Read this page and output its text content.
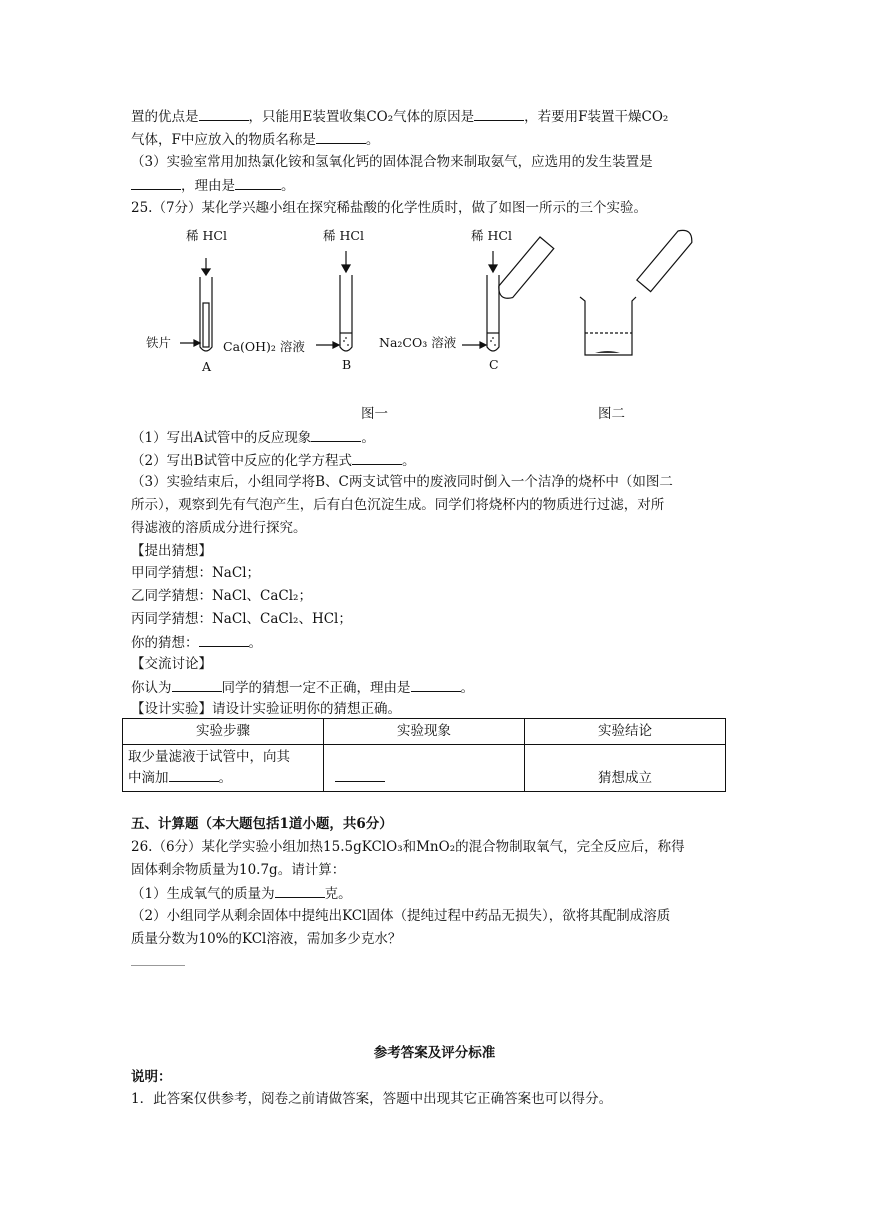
置的优点是	，只能用E装置收集CO₂气体的原因是	，若要用F装置干燥CO₂
气体，F中应放入的物质名称是	。
（3）实验室常用加热氯化铵和氢氧化钙的固体混合物来制取氨气，应选用的发生装置是
，理由是	。
25.（7分）某化学兴趣小组在探究稀盐酸的化学性质时，做了如图一所示的三个实验。
稀 HCl	稀 HCl	稀 HCl
铁片	Ca(OH)₂ 溶液	Na₂CO₃ 溶液
A	B	C
图一	图二
（1）写出A试管中的反应现象	。
（2）写出B试管中反应的化学方程式	。
（3）实验结束后，小组同学将B、C两支试管中的废液同时倒入一个洁净的烧杯中（如图二
所示），观察到先有气泡产生，后有白色沉淀生成。同学们将烧杯内的物质进行过滤，对所
得滤液的溶质成分进行探究。
【提出猜想】
甲同学猜想：NaCl；
乙同学猜想：NaCl、CaCl₂；
丙同学猜想：NaCl、CaCl₂、HCl；
你的猜想：	。
【交流讨论】
你认为	同学的猜想一定不正确，理由是	。
【设计实验】请设计实验证明你的猜想正确。
实验步骤	实验现象	实验结论

取少量滤液于试管中，向其
中滴加 。		猜想成立
五、计算题（本大题包括1道小题，共6分）
26.（6分）某化学实验小组加热15.5gKClO₃和MnO₂的混合物制取氧气，完全反应后，称得
固体剩余物质量为10.7g。请计算：
（1）生成氧气的质量为	克。
（2）小组同学从剩余固体中提纯出KCl固体（提纯过程中药品无损失），欲将其配制成溶质
质量分数为10%的KCl溶液，需加多少克水？
参考答案及评分标准
说明：
1．此答案仅供参考，阅卷之前请做答案，答题中出现其它正确答案也可以得分。
